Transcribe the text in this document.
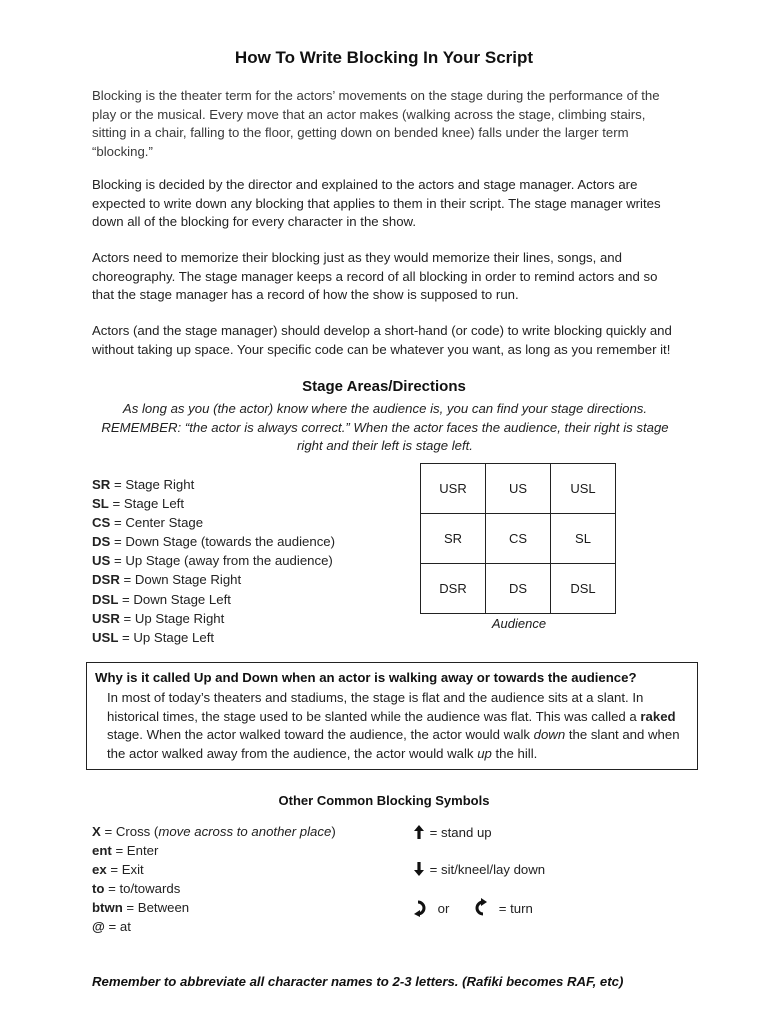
How To Write Blocking In Your Script
Blocking is the theater term for the actors’ movements on the stage during the performance of the play or the musical. Every move that an actor makes (walking across the stage, climbing stairs, sitting in a chair, falling to the floor, getting down on bended knee) falls under the larger term “blocking.”
Blocking is decided by the director and explained to the actors and stage manager. Actors are expected to write down any blocking that applies to them in their script. The stage manager writes down all of the blocking for every character in the show.
Actors need to memorize their blocking just as they would memorize their lines, songs, and choreography. The stage manager keeps a record of all blocking in order to remind actors and so that the stage manager has a record of how the show is supposed to run.
Actors (and the stage manager) should develop a short-hand (or code) to write blocking quickly and without taking up space. Your specific code can be whatever you want, as long as you remember it!
Stage Areas/Directions
As long as you (the actor) know where the audience is, you can find your stage directions. REMEMBER: “the actor is always correct.” When the actor faces the audience, their right is stage right and their left is stage left.
SR = Stage Right
SL = Stage Left
CS = Center Stage
DS = Down Stage (towards the audience)
US = Up Stage (away from the audience)
DSR = Down Stage Right
DSL = Down Stage Left
USR = Up Stage Right
USL = Up Stage Left
USR	US	USL
SR	CS	SL
DSR	DS	DSL
Audience
Why is it called Up and Down when an actor is walking away or towards the audience?
In most of today’s theaters and stadiums, the stage is flat and the audience sits at a slant. In historical times, the stage used to be slanted while the audience was flat. This was called a raked stage. When the actor walked toward the audience, the actor would walk down the slant and when the actor walked away from the audience, the actor would walk up the hill.
Other Common Blocking Symbols
X = Cross (move across to another place)
ent = Enter
ex = Exit
to = to/towards
btwn = Between
@ = at
= stand up
= sit/kneel/lay down
or	= turn
Remember to abbreviate all character names to 2-3 letters. (Rafiki becomes RAF, etc)
